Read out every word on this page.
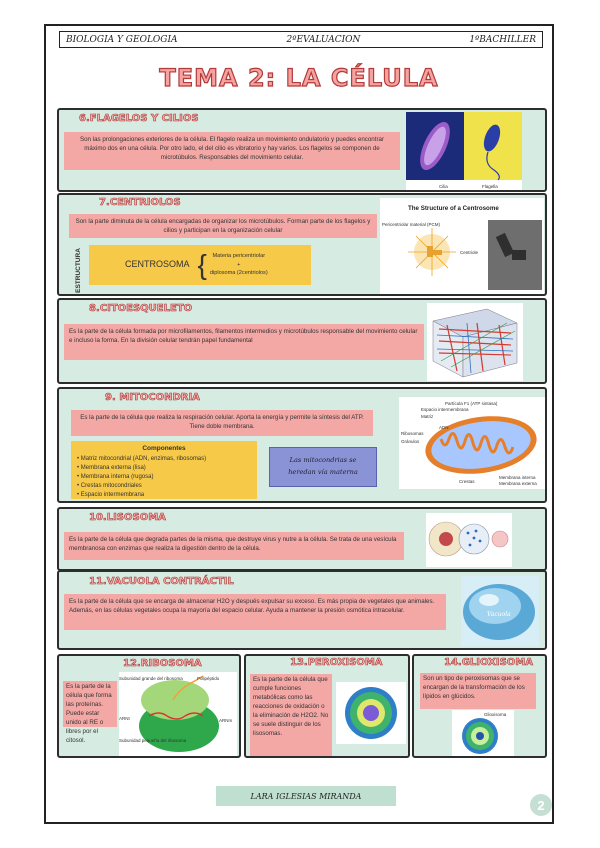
BIOLOGIA Y GEOLOGIA	2ºEVALUACION	1ºBACHILLER
TEMA 2: LA CÉLULA
6.FLAGELOS Y CILIOS
Son las prolongaciones exteriores de la célula. El flagelo realiza un movimiento ondulatorio y puedes encontrar máximo dos en una célula. Por otro lado, el del cilio es vibratorio y hay varios. Los flagelos se componen de microtúbulos. Responsables del movimiento celular.
Cilia	Flagella
7.CENTRIOLOS
Son la parte diminuta de la célula encargadas de organizar los microtúbulos. Forman parte de los flagelos y cilios y participan en la organización celular
ESTRUCTURA	CENTROSOMA {	Materia pericentriolar
+
diplosoma (2centriolos)
The Structure of a Centrosome
Pericentriolar material (PCM)
Centriole
8.CITOESQUELETO
Es la parte de la célula formada por microfilamentos, filamentos intermedios y microtúbulos responsable del movimiento celular e incluso la forma. En la división celular tendrán papel fundamental
9. MITOCONDRIA
Es la parte de la célula que realiza la respiración celular. Aporta la energía y permite la síntesis del ATP. Tiene doble membrana.
Componentes
• Matriz mitocondrial (ADN, enzimas, ribosomas)
• Membrana externa (lisa)
• Membrana interna (rugosa)
• Crestas mitocondriales
• Espacio intermembrana
Las mitocondrias se heredan vía materna
Partícula F1 (ATP sintasa)
Espacio intermembrana
Matriz
Ribosomas
Gránulos
ADN
Membrana interna
Membrana externa
Crestas
10.LISOSOMA
Es la parte de la célula que degrada partes de la misma, que destruye virus y nutre a la célula. Se trata de una vesícula membranosa con enzimas que realiza la digestión dentro de la célula.
11.VACUOLA CONTRÁCTIL
Es la parte de la célula que se encarga de almacenar H2O y después expulsar su exceso. Es más propia de vegetales que animales. Además, en las células vegetales ocupa la mayoría del espacio celular. Ayuda a mantener la presión osmótica intracelular.
Vacuola
12.RIBOSOMA
Es la parte de la célula que forma las proteínas. Puede estar unido al RE o libres por el citosol.
Subunidad grande del ribosoma	Polipéptido
ARNm
ARNt
Subunidad pequeña del ribosoma
13.PEROXISOMA
Es la parte de la célula que cumple funciones metabólicas como las reacciones de oxidación o la eliminación de H2O2. No se suele distinguir de los lisosomas.
14.GLIOXISOMA
Son un tipo de peroxisomas que se encargan de la transformación de los lípidos en glúcidos.
Glioxisoma
LARA IGLESIAS MIRANDA
2
